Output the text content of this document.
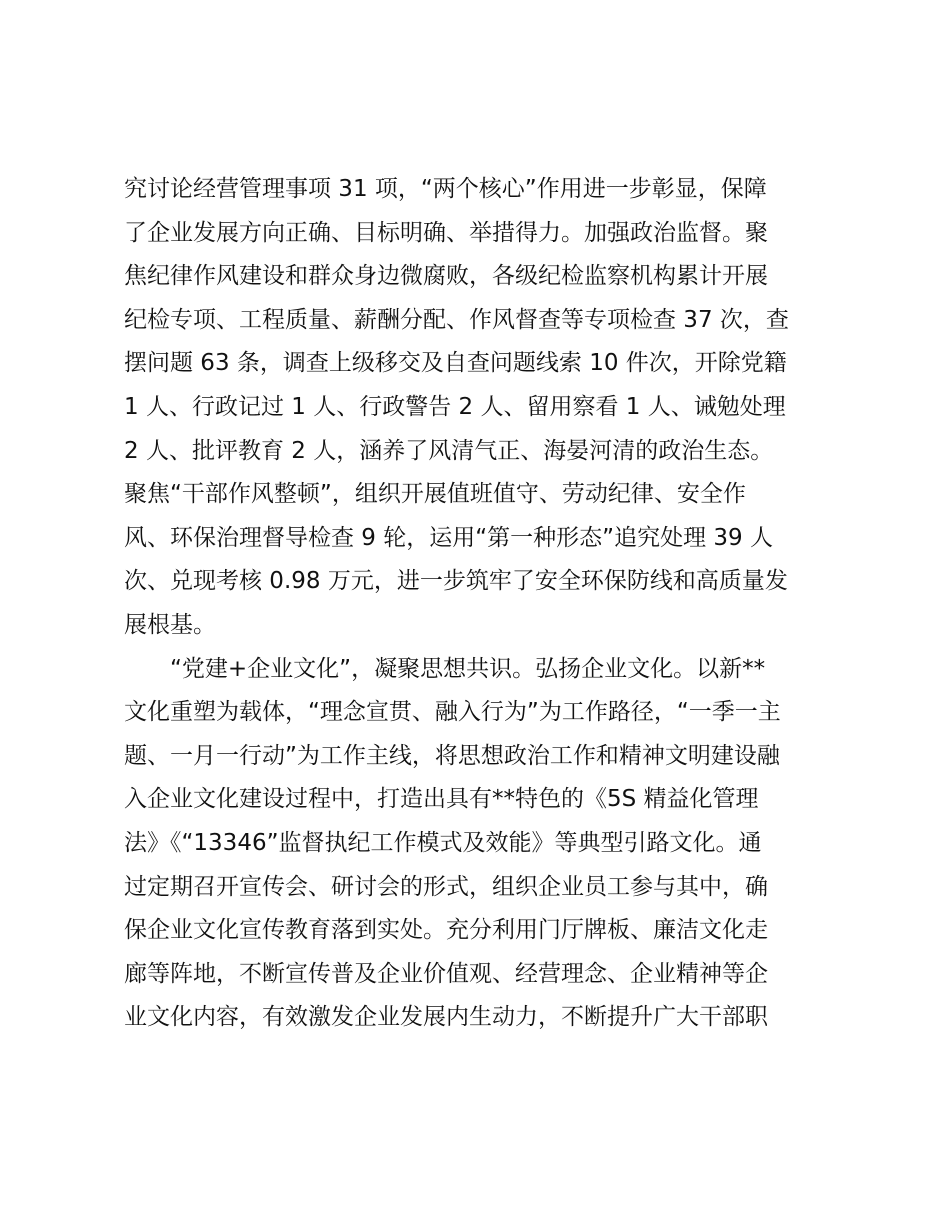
究讨论经营管理事项 31 项，“两个核心”作用进一步彰显，保障
了企业发展方向正确、目标明确、举措得力。加强政治监督。聚
焦纪律作风建设和群众身边微腐败，各级纪检监察机构累计开展
纪检专项、工程质量、薪酬分配、作风督查等专项检查 37 次，查
摆问题 63 条，调查上级移交及自查问题线索 10 件次，开除党籍
1 人、行政记过 1 人、行政警告 2 人、留用察看 1 人、诫勉处理
2 人、批评教育 2 人，涵养了风清气正、海晏河清的政治生态。
聚焦“干部作风整顿”，组织开展值班值守、劳动纪律、安全作
风、环保治理督导检查 9 轮，运用“第一种形态”追究处理 39 人
次、兑现考核 0.98 万元，进一步筑牢了安全环保防线和高质量发
展根基。
“党建+企业文化”，凝聚思想共识。弘扬企业文化。以新**
文化重塑为载体，“理念宣贯、融入行为”为工作路径，“一季一主
题、一月一行动”为工作主线，将思想政治工作和精神文明建设融
入企业文化建设过程中，打造出具有**特色的《5S 精益化管理
法》《“13346”监督执纪工作模式及效能》等典型引路文化。通
过定期召开宣传会、研讨会的形式，组织企业员工参与其中，确
保企业文化宣传教育落到实处。充分利用门厅牌板、廉洁文化走
廊等阵地，不断宣传普及企业价值观、经营理念、企业精神等企
业文化内容，有效激发企业发展内生动力，不断提升广大干部职
